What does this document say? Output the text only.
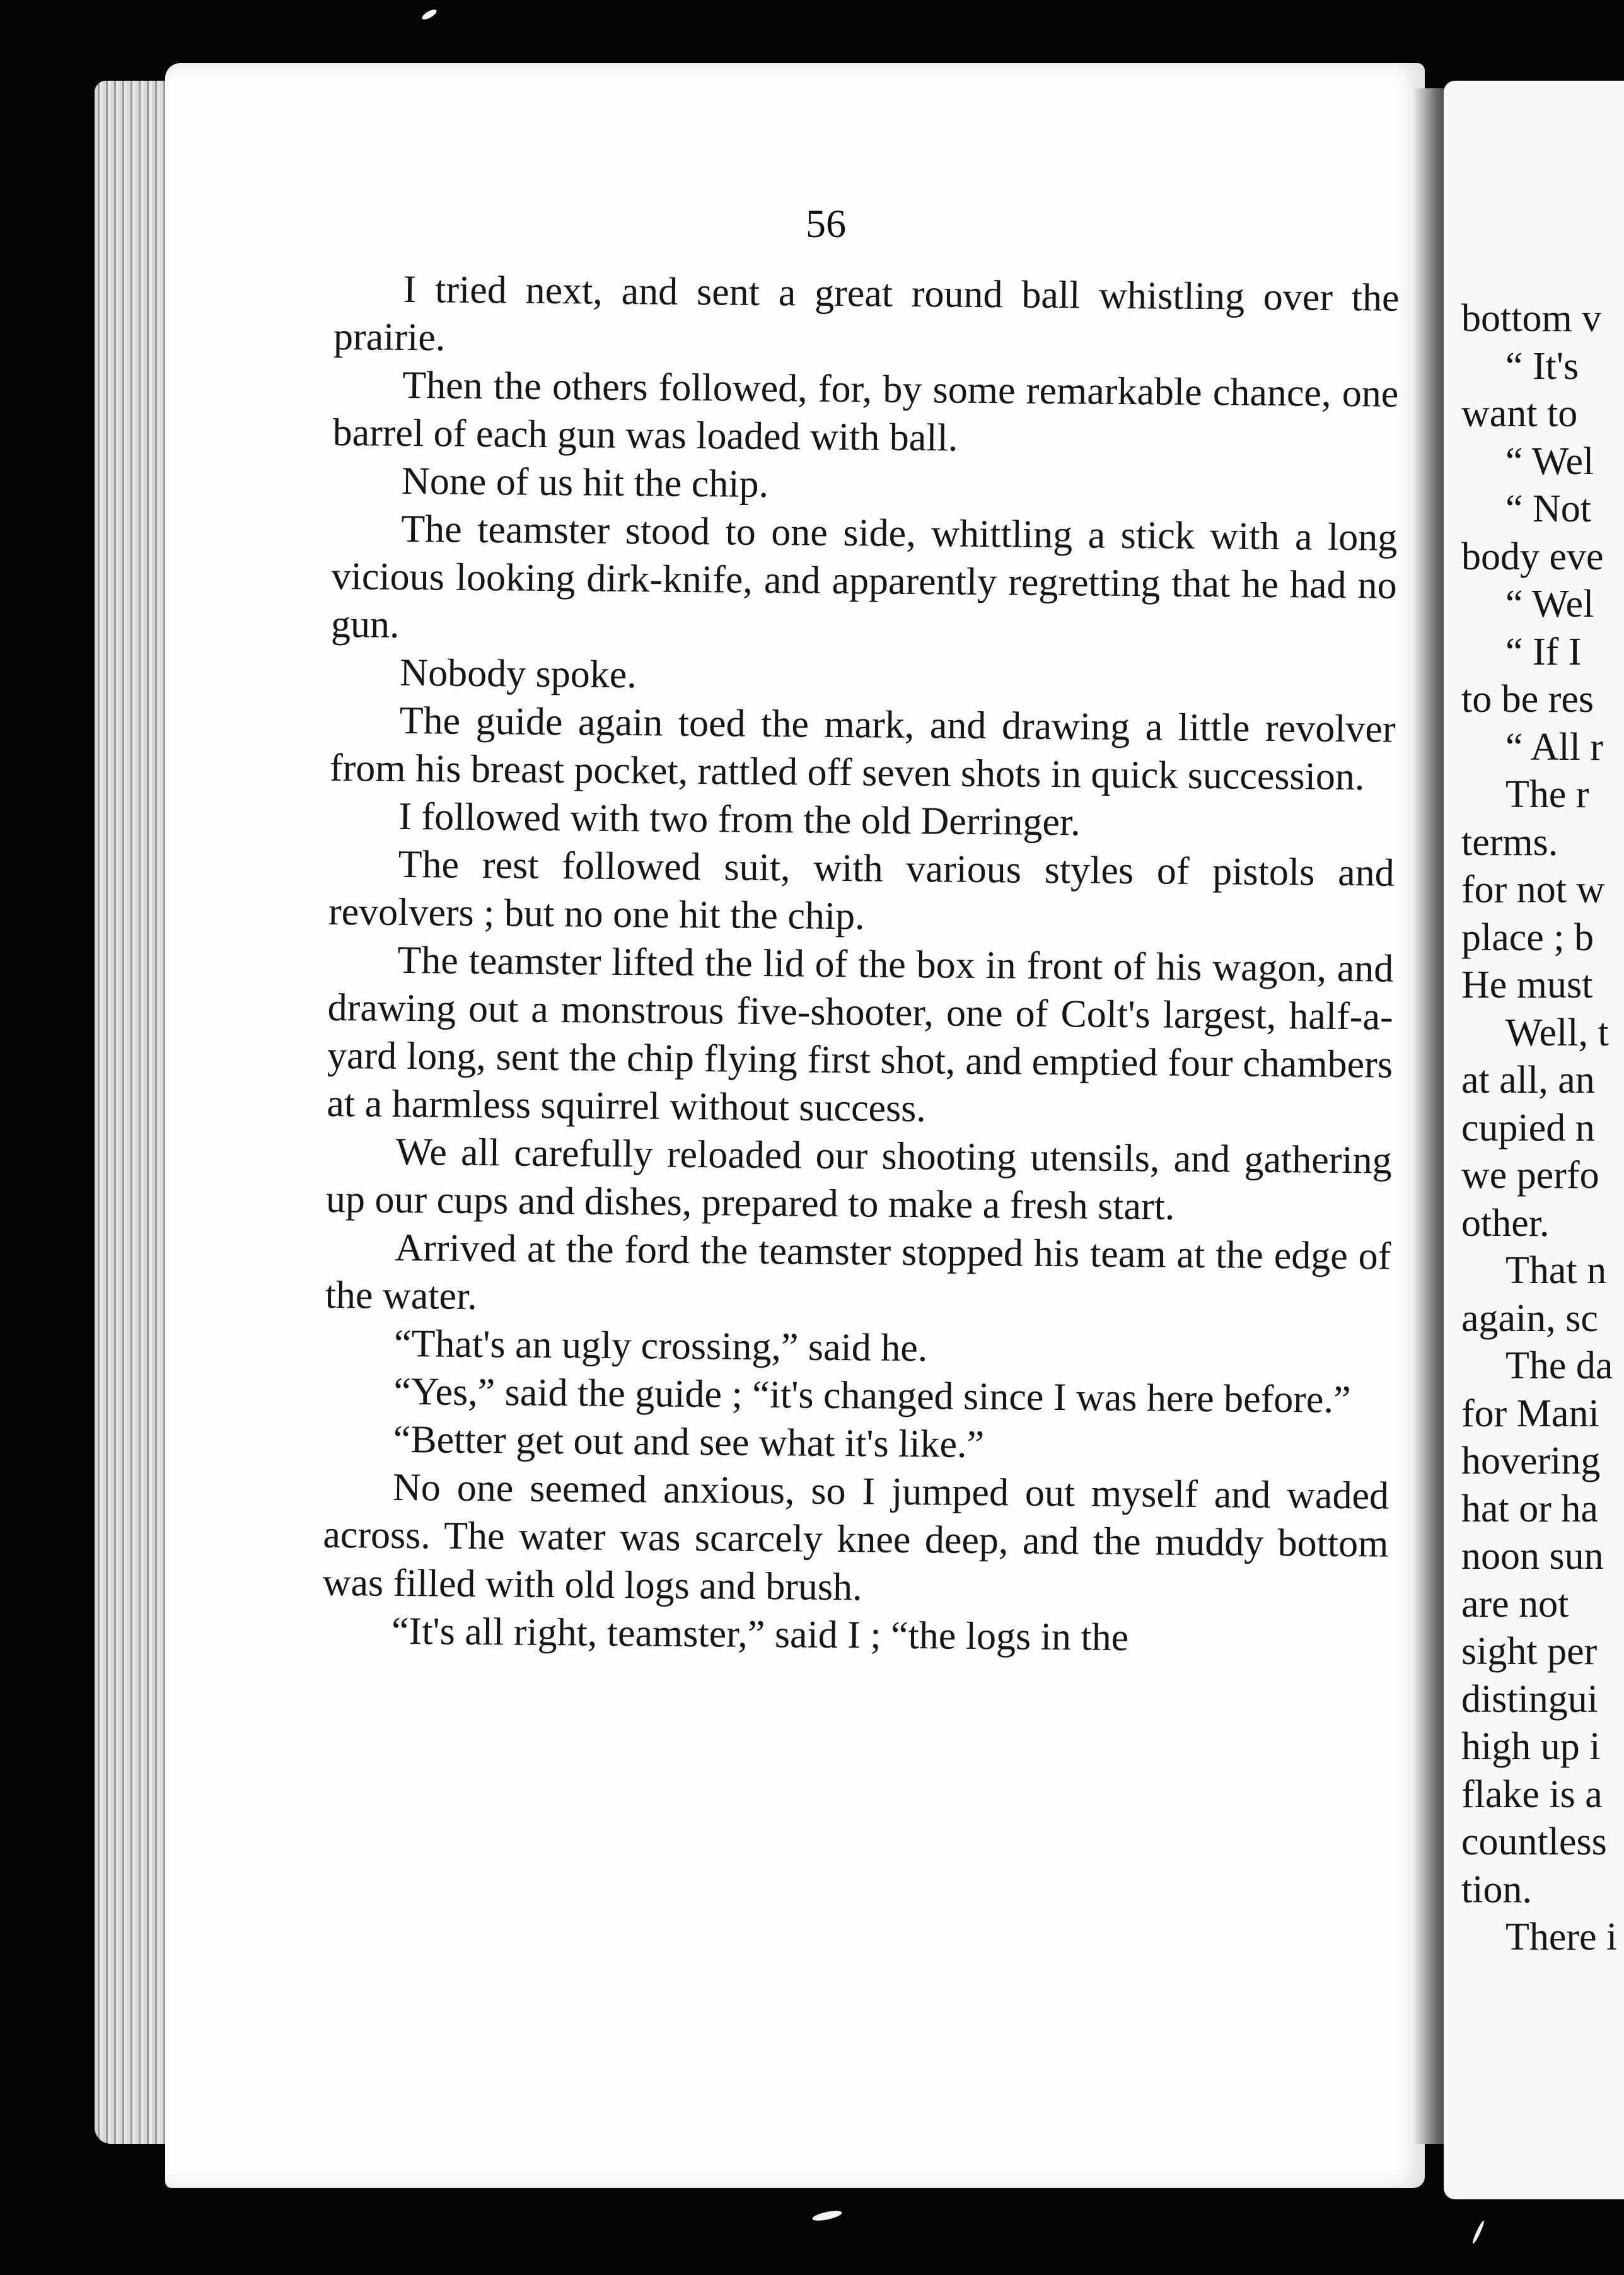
bottom v
“ It's
want to
“ Wel
“ Not
body eve
“ Wel
“ If I
to be res
“ All r
The r
terms.
for not w
place ; b
He must
Well, t
at all, an
cupied n
we perfo
other.
That n
again, sc
The da
for Mani
hovering
hat or ha
noon sun
are not
sight per
distingui
high up i
flake is a
countless
tion.
There i
56

I tried next, and sent a great round ball whistling over the prairie.

Then the others followed, for, by some remarkable chance, one barrel of each gun was loaded with ball.

None of us hit the chip.

The teamster stood to one side, whittling a stick with a long vicious looking dirk-knife, and apparently regretting that he had no gun.

Nobody spoke.

The guide again toed the mark, and drawing a little revolver from his breast pocket, rattled off seven shots in quick succession.

I followed with two from the old Derringer.

The rest followed suit, with various styles of pistols and revolvers ; but no one hit the chip.

The teamster lifted the lid of the box in front of his wagon, and drawing out a monstrous five-shooter, one of Colt's largest, half-a-yard long, sent the chip flying first shot, and emptied four chambers at a harmless squirrel without success.

We all carefully reloaded our shooting utensils, and gathering up our cups and dishes, prepared to make a fresh start.

Arrived at the ford the teamster stopped his team at the edge of the water.

“That's an ugly crossing,” said he.

“Yes,” said the guide ; “it's changed since I was here before.”

“Better get out and see what it's like.”

No one seemed anxious, so I jumped out myself and waded across. The water was scarcely knee deep, and the muddy bottom was filled with old logs and brush.

“It's all right, teamster,” said I ; “the logs in the
